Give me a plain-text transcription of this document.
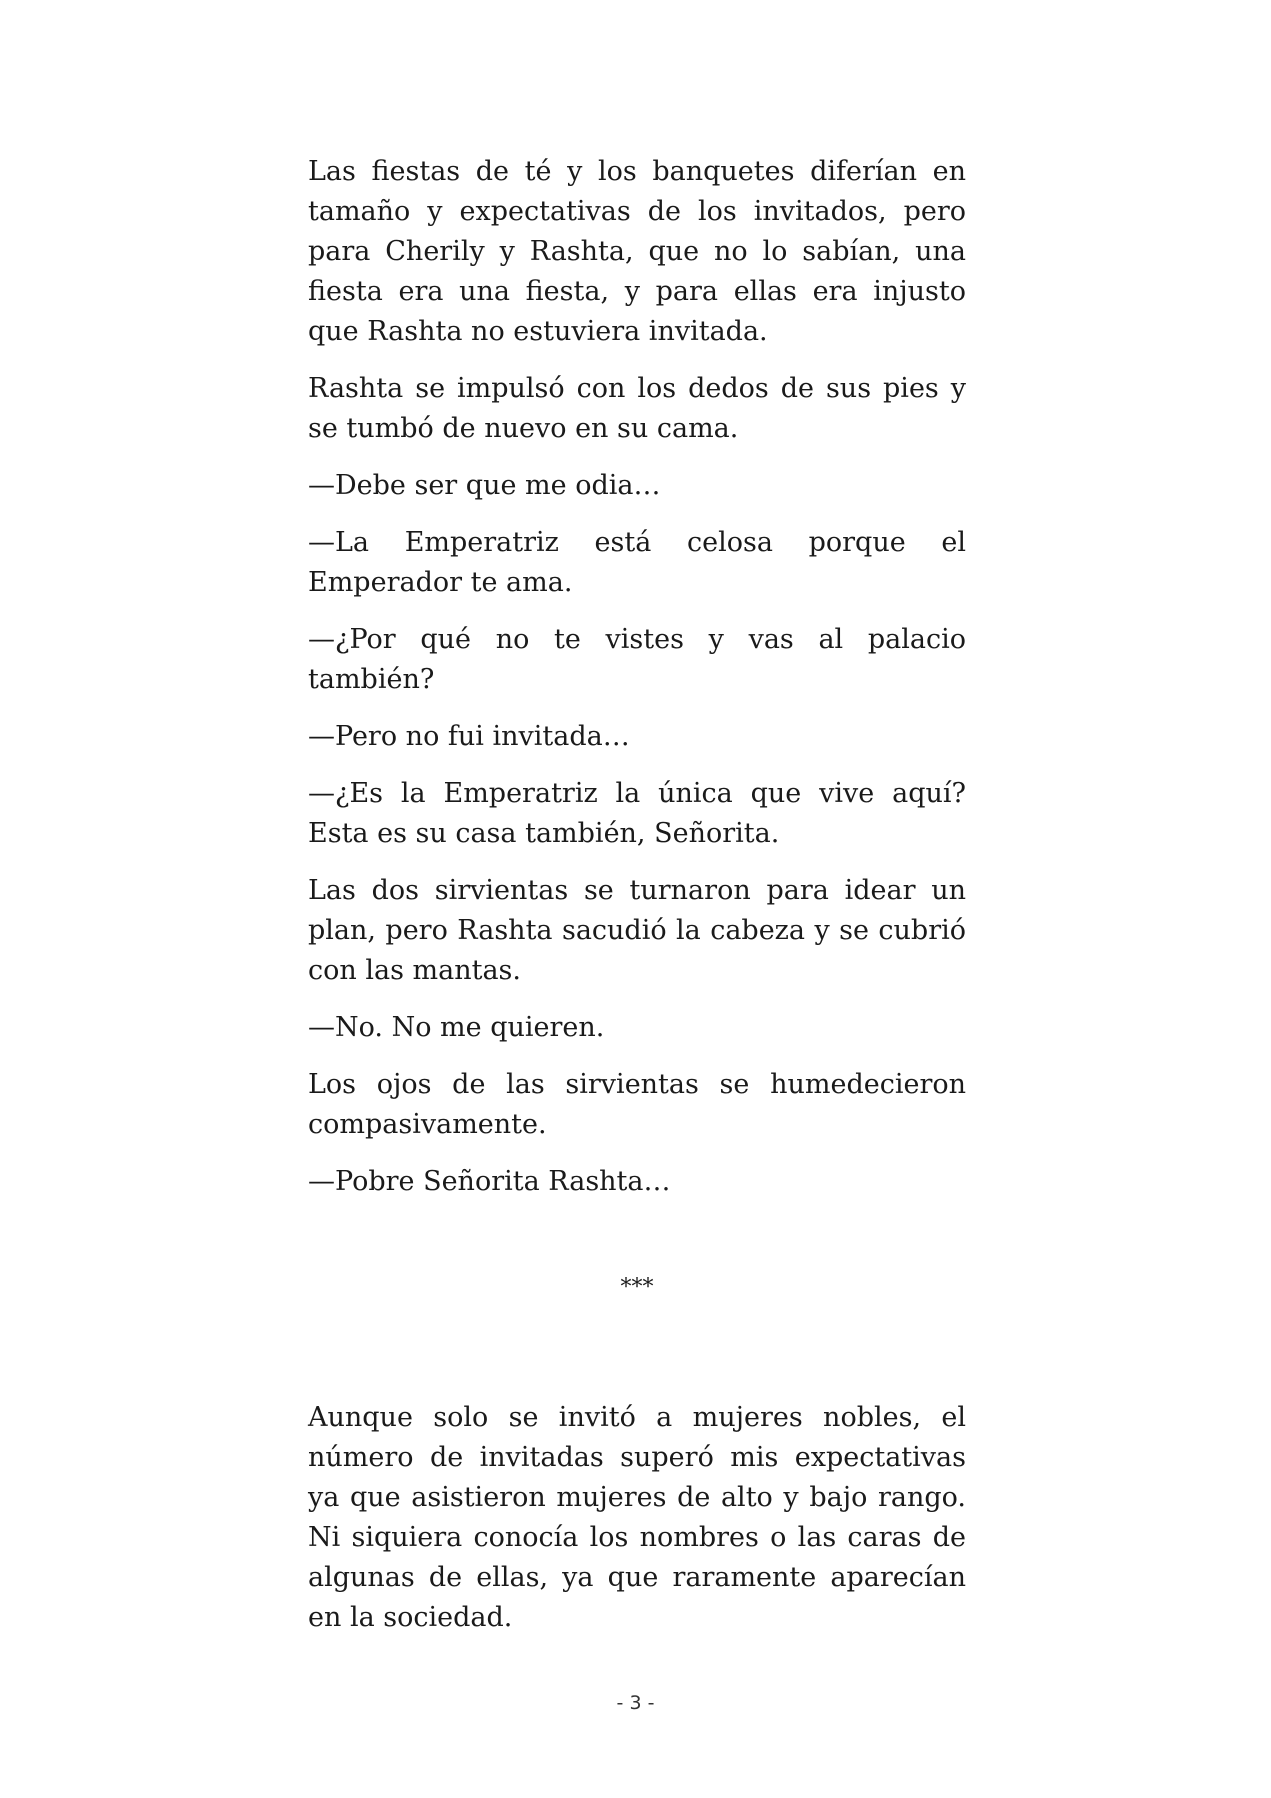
Las fiestas de té y los banquetes diferían en tamaño y expectativas de los invitados, pero para Cherily y Rashta, que no lo sabían, una fiesta era una fiesta, y para ellas era injusto que Rashta no estuviera invitada.

Rashta se impulsó con los dedos de sus pies y se tumbó de nuevo en su cama.

—Debe ser que me odia…

—La Emperatriz está celosa porque el Emperador te ama.

—¿Por qué no te vistes y vas al palacio también?

—Pero no fui invitada…

—¿Es la Emperatriz la única que vive aquí? Esta es su casa también, Señorita.

Las dos sirvientas se turnaron para idear un plan, pero Rashta sacudió la cabeza y se cubrió con las mantas.

—No. No me quieren.

Los ojos de las sirvientas se humedecieron compasivamente.

—Pobre Señorita Rashta…

***

Aunque solo se invitó a mujeres nobles, el número de invitadas superó mis expectativas ya que asistieron mujeres de alto y bajo rango. Ni siquiera conocía los nombres o las caras de algunas de ellas, ya que raramente aparecían en la sociedad.

- 3 -
